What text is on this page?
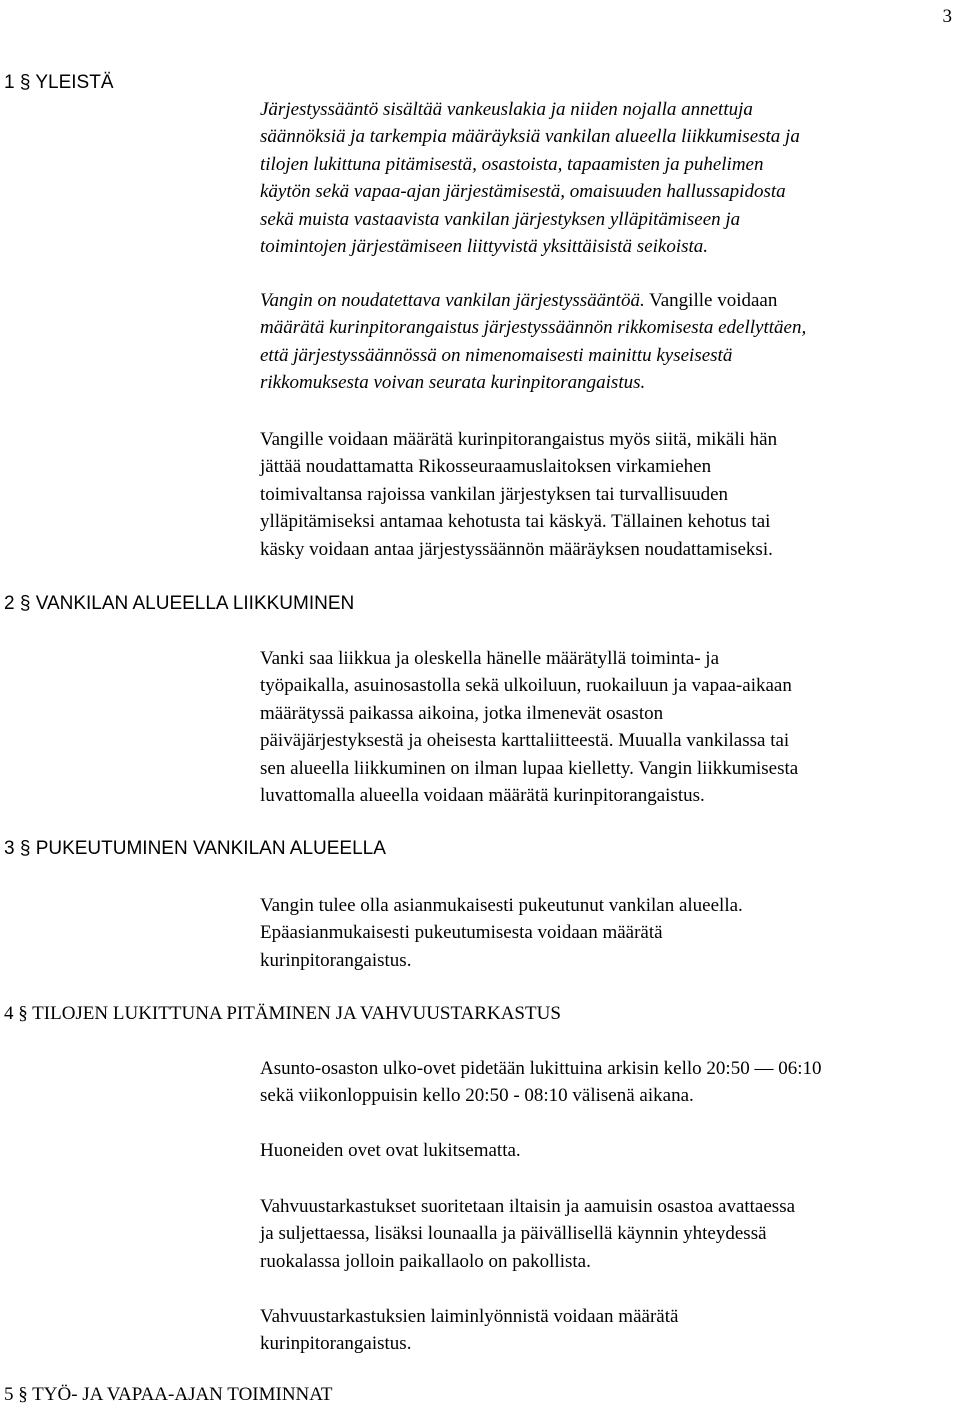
3
1 § YLEISTÄ

Järjestyssääntö sisältää vankeuslakia ja niiden nojalla annettuja
säännöksiä ja tarkempia määräyksiä vankilan alueella liikkumisesta ja
tilojen lukittuna pitämisestä, osastoista, tapaamisten ja puhelimen
käytön sekä vapaa-ajan järjestämisestä, omaisuuden hallussapidosta
sekä muista vastaavista vankilan järjestyksen ylläpitämiseen ja
toimintojen järjestämiseen liittyvistä yksittäisistä seikoista.

Vangin on noudatettava vankilan järjestyssääntöä. Vangille voidaan
määrätä kurinpitorangaistus järjestyssäännön rikkomisesta edellyttäen,
että järjestyssäännössä on nimenomaisesti mainittu kyseisestä
rikkomuksesta voivan seurata kurinpitorangaistus.

Vangille voidaan määrätä kurinpitorangaistus myös siitä, mikäli hän
jättää noudattamatta Rikosseuraamuslaitoksen virkamiehen
toimivaltansa rajoissa vankilan järjestyksen tai turvallisuuden
ylläpitämiseksi antamaa kehotusta tai käskyä. Tällainen kehotus tai
käsky voidaan antaa järjestyssäännön määräyksen noudattamiseksi.

2 § VANKILAN ALUEELLA LIIKKUMINEN

Vanki saa liikkua ja oleskella hänelle määrätyllä toiminta- ja
työpaikalla, asuinosastolla sekä ulkoiluun, ruokailuun ja vapaa-aikaan
määrätyssä paikassa aikoina, jotka ilmenevät osaston
päiväjärjestyksestä ja oheisesta karttaliitteestä. Muualla vankilassa tai
sen alueella liikkuminen on ilman lupaa kielletty. Vangin liikkumisesta
luvattomalla alueella voidaan määrätä kurinpitorangaistus.

3 § PUKEUTUMINEN VANKILAN ALUEELLA

Vangin tulee olla asianmukaisesti pukeutunut vankilan alueella.
Epäasianmukaisesti pukeutumisesta voidaan määrätä
kurinpitorangaistus.

4 § TILOJEN LUKITTUNA PITÄMINEN JA VAHVUUSTARKASTUS

Asunto-osaston ulko-ovet pidetään lukittuina arkisin kello 20:50 — 06:10
sekä viikonloppuisin kello 20:50 - 08:10 välisenä aikana.

Huoneiden ovet ovat lukitsematta.

Vahvuustarkastukset suoritetaan iltaisin ja aamuisin osastoa avattaessa
ja suljettaessa, lisäksi lounaalla ja päivällisellä käynnin yhteydessä
ruokalassa jolloin paikallaolo on pakollista.

Vahvuustarkastuksien laiminlyönnistä voidaan määrätä
kurinpitorangaistus.

5 § TYÖ- JA VAPAA-AJAN TOIMINNAT
